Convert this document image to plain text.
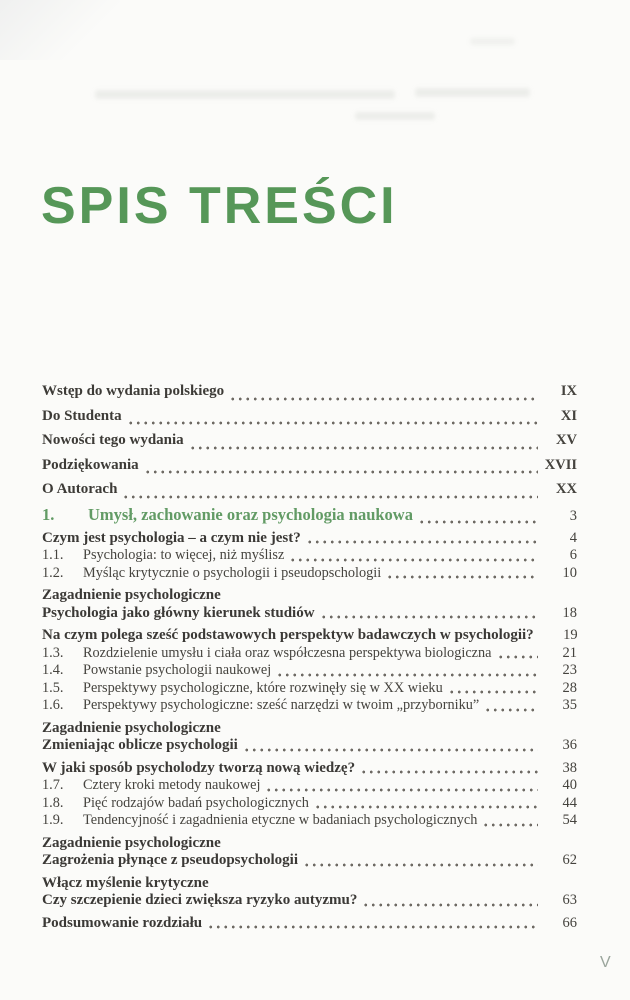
SPIS TREŚCI
Wstęp do wydania polskiego	IX
Do Studenta	XI
Nowości tego wydania	XV
Podziękowania	XVII
O Autorach	XX
1.	Umysł, zachowanie oraz psychologia naukowa	3
Czym jest psychologia – a czym nie jest?	4
1.1.	Psychologia: to więcej, niż myślisz	6
1.2.	Myśląc krytycznie o psychologii i pseudopschologii	10
Zagadnienie psychologiczne
Psychologia jako główny kierunek studiów	18
Na czym polega sześć podstawowych perspektyw badawczych w psychologii?	19
1.3.	Rozdzielenie umysłu i ciała oraz współczesna perspektywa biologiczna	21
1.4.	Powstanie psychologii naukowej	23
1.5.	Perspektywy psychologiczne, które rozwinęły się w XX wieku	28
1.6.	Perspektywy psychologiczne: sześć narzędzi w twoim „przyborniku”	35
Zagadnienie psychologiczne
Zmieniając oblicze psychologii	36
W jaki sposób psycholodzy tworzą nową wiedzę?	38
1.7.	Cztery kroki metody naukowej	40
1.8.	Pięć rodzajów badań psychologicznych	44
1.9.	Tendencyjność i zagadnienia etyczne w badaniach psychologicznych	54
Zagadnienie psychologiczne
Zagrożenia płynące z pseudopsychologii	62
Włącz myślenie krytyczne
Czy szczepienie dzieci zwiększa ryzyko autyzmu?	63
Podsumowanie rozdziału	66
V
